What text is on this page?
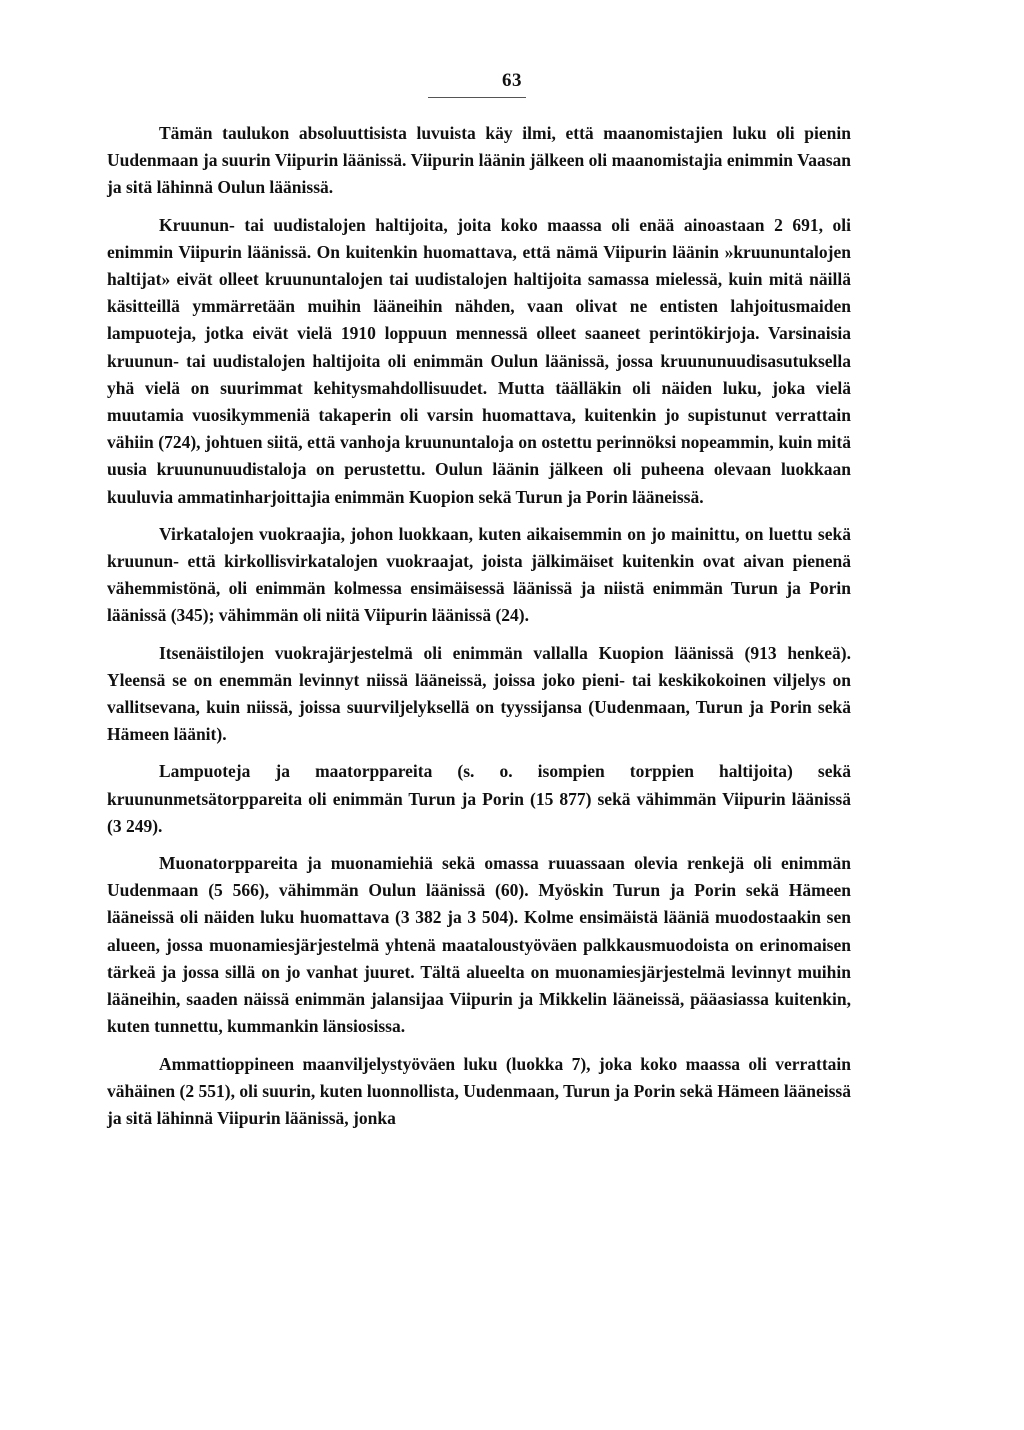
63

Tämän taulukon absoluuttisista luvuista käy ilmi, että maanomistajien luku oli pienin Uudenmaan ja suurin Viipurin läänissä. Viipurin läänin jälkeen oli maanomistajia enimmin Vaasan ja sitä lähinnä Oulun läänissä.

Kruunun- tai uudistalojen haltijoita, joita koko maassa oli enää ainoastaan 2 691, oli enimmin Viipurin läänissä. On kuitenkin huomattava, että nämä Viipurin läänin »kruununtalojen haltijat» eivät olleet kruununtalojen tai uudistalojen haltijoita samassa mielessä, kuin mitä näillä käsitteillä ymmärretään muihin lääneihin nähden, vaan olivat ne entisten lahjoitusmaiden lampuoteja, jotka eivät vielä 1910 loppuun mennessä olleet saaneet perintökirjoja. Varsinaisia kruunun- tai uudistalojen haltijoita oli enimmän Oulun läänissä, jossa kruununuudisasutuksella yhä vielä on suurimmat kehitysmahdollisuudet. Mutta täälläkin oli näiden luku, joka vielä muutamia vuosikymmeniä takaperin oli varsin huomattava, kuitenkin jo supistunut verrattain vähiin (724), johtuen siitä, että vanhoja kruununtaloja on ostettu perinnöksi nopeammin, kuin mitä uusia kruununuudistaloja on perustettu. Oulun läänin jälkeen oli puheena olevaan luokkaan kuuluvia ammatinharjoittajia enimmän Kuopion sekä Turun ja Porin lääneissä.

Virkatalojen vuokraajia, johon luokkaan, kuten aikaisemmin on jo mainittu, on luettu sekä kruunun- että kirkollisvirkatalojen vuokraajat, joista jälkimäiset kuitenkin ovat aivan pienenä vähemmistönä, oli enimmän kolmessa ensimäisessä läänissä ja niistä enimmän Turun ja Porin läänissä (345); vähimmän oli niitä Viipurin läänissä (24).

Itsenäistilojen vuokrajärjestelmä oli enimmän vallalla Kuopion läänissä (913 henkeä). Yleensä se on enemmän levinnyt niissä lääneissä, joissa joko pieni- tai keskikokoinen viljelys on vallitsevana, kuin niissä, joissa suurviljelyksellä on tyyssijansa (Uudenmaan, Turun ja Porin sekä Hämeen läänit).

Lampuoteja ja maatorppareita (s. o. isompien torppien haltijoita) sekä kruununmetsätorppareita oli enimmän Turun ja Porin (15 877) sekä vähimmän Viipurin läänissä (3 249).

Muonatorppareita ja muonamiehiä sekä omassa ruuassaan olevia renkejä oli enimmän Uudenmaan (5 566), vähimmän Oulun läänissä (60). Myöskin Turun ja Porin sekä Hämeen lääneissä oli näiden luku huomattava (3 382 ja 3 504). Kolme ensimäistä lääniä muodostaakin sen alueen, jossa muonamiesjärjestelmä yhtenä maataloustyöväen palkkausmuodoista on erinomaisen tärkeä ja jossa sillä on jo vanhat juuret. Tältä alueelta on muonamiesjärjestelmä levinnyt muihin lääneihin, saaden näissä enimmän jalansijaa Viipurin ja Mikkelin lääneissä, pääasiassa kuitenkin, kuten tunnettu, kummankin länsiosissa.

Ammattioppineen maanviljelystyöväen luku (luokka 7), joka koko maassa oli verrattain vähäinen (2 551), oli suurin, kuten luonnollista, Uudenmaan, Turun ja Porin sekä Hämeen lääneissä ja sitä lähinnä Viipurin läänissä, jonka
